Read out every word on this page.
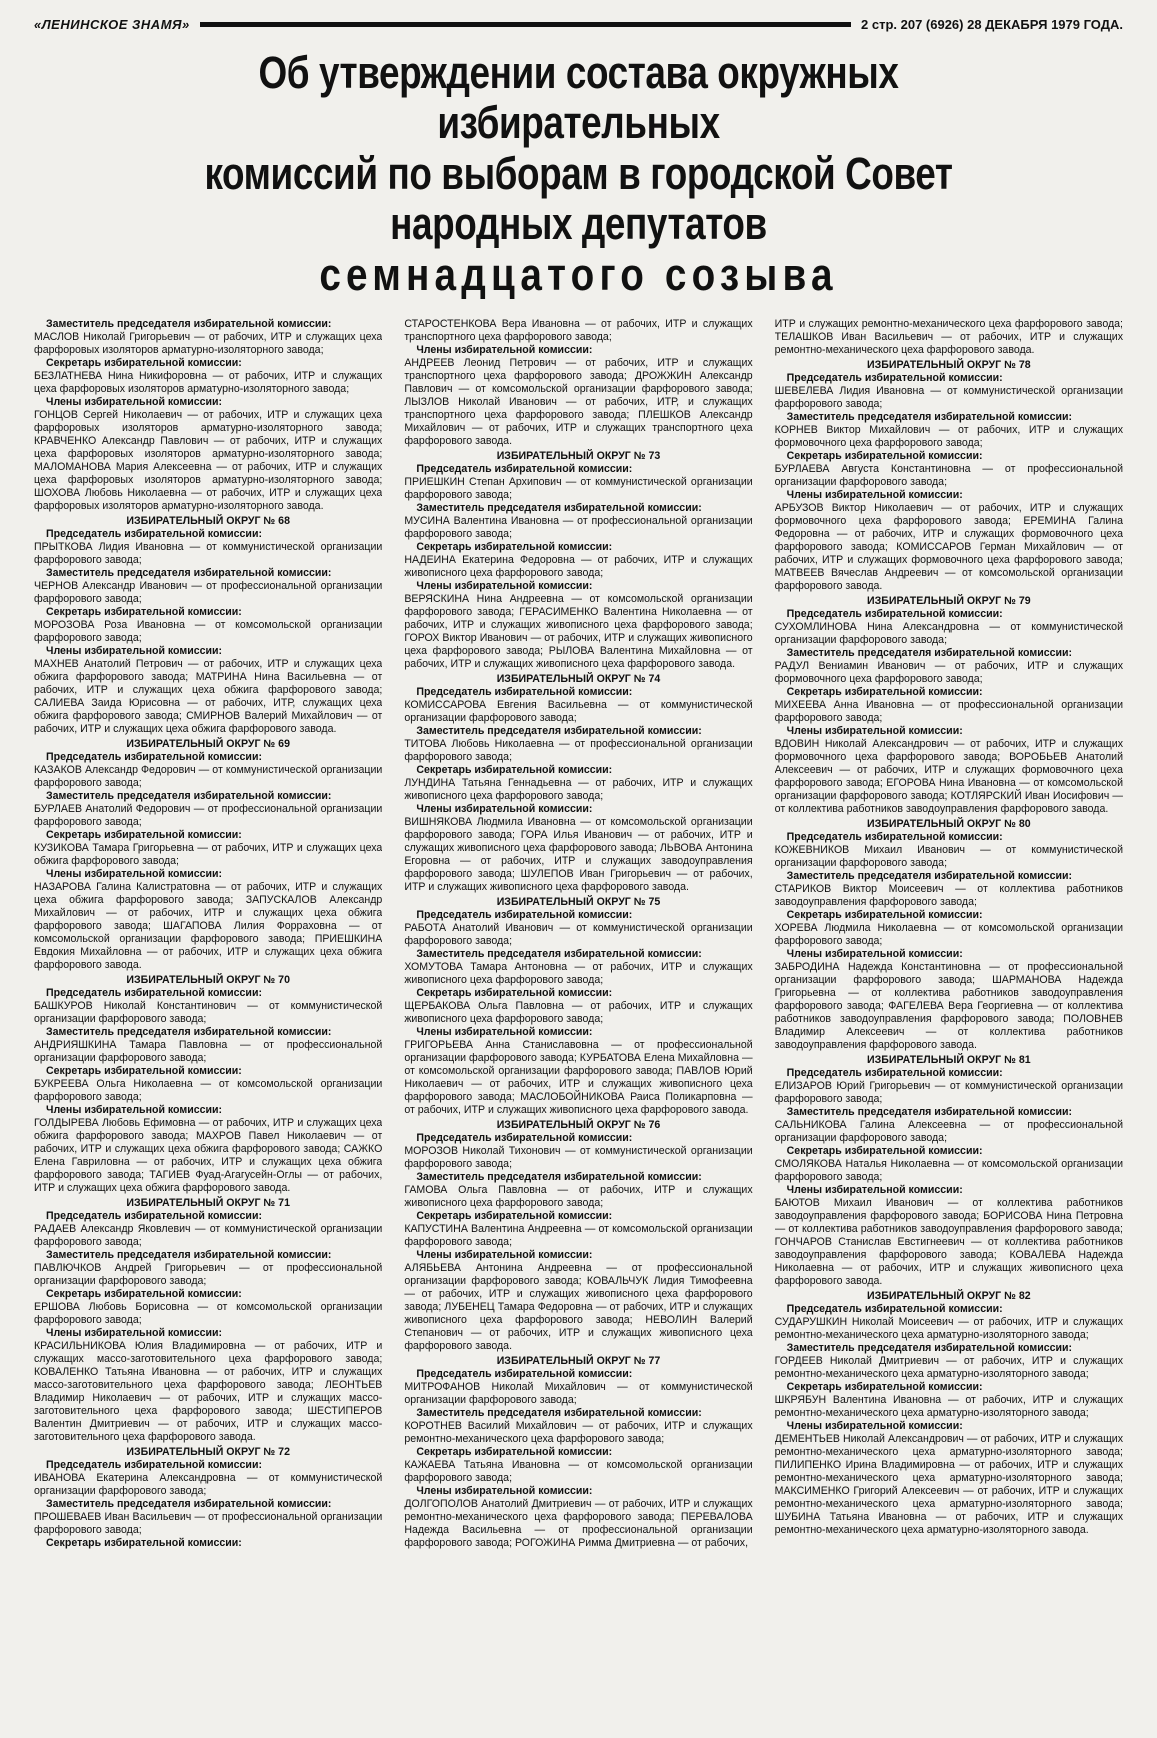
«ЛЕНИНСКОЕ ЗНАМЯ»	2 стр. 207 (6926) 28 ДЕКАБРЯ 1979 ГОДА.
Об утверждении состава окружных избирательных
комиссий по выборам в городской Совет народных депутатов
семнадцатого созыва

Заместитель председателя избирательной комиссии:

МАСЛОВ Николай Григорьевич — от рабочих, ИТР и служащих цеха фарфоровых изоляторов арматурно-изоляторного завода;

Секретарь избирательной комиссии:

БЕЗЛАТНЕВА Нина Никифоровна — от рабочих, ИТР и служащих цеха фарфоровых изоляторов арматурно-изоляторного завода;

Члены избирательной комиссии:

ГОНЦОВ Сергей Николаевич — от рабочих, ИТР и служащих цеха фарфоровых изоляторов арматурно-изоляторного завода; КРАВЧЕНКО Александр Павлович — от рабочих, ИТР и служащих цеха фарфоровых изоляторов арматурно-изоляторного завода; МАЛОМАНОВА Мария Алексеевна — от рабочих, ИТР и служащих цеха фарфоровых изоляторов арматурно-изоляторного завода; ШОХОВА Любовь Николаевна — от рабочих, ИТР и служащих цеха фарфоровых изоляторов арматурно-изоляторного завода.

ИЗБИРАТЕЛЬНЫЙ ОКРУГ № 68

Председатель избирательной комиссии:

ПРЫТКОВА Лидия Ивановна — от коммунистической организации фарфорового завода;

Заместитель председателя избирательной комиссии:

ЧЕРНОВ Александр Иванович — от профессиональной организации фарфорового завода;

Секретарь избирательной комиссии:

МОРОЗОВА Роза Ивановна — от комсомольской организации фарфорового завода;

Члены избирательной комиссии:

МАХНЕВ Анатолий Петрович — от рабочих, ИТР и служащих цеха обжига фарфорового завода; МАТРИНА Нина Васильевна — от рабочих, ИТР и служащих цеха обжига фарфорового завода; САЛИЕВА Заида Юрисовна — от рабочих, ИТР, служащих цеха обжига фарфорового завода; СМИРНОВ Валерий Михайлович — от рабочих, ИТР и служащих цеха обжига фарфорового завода.

ИЗБИРАТЕЛЬНЫЙ ОКРУГ № 69

Председатель избирательной комиссии:

КАЗАКОВ Александр Федорович — от коммунистической организации фарфорового завода;

Заместитель председателя избирательной комиссии:

БУРЛАЕВ Анатолий Федорович — от профессиональной организации фарфорового завода;

Секретарь избирательной комиссии:

КУЗИКОВА Тамара Григорьевна — от рабочих, ИТР и служащих цеха обжига фарфорового завода;

Члены избирательной комиссии:

НАЗАРОВА Галина Калистратовна — от рабочих, ИТР и служащих цеха обжига фарфорового завода; ЗАПУСКАЛОВ Александр Михайлович — от рабочих, ИТР и служащих цеха обжига фарфорового завода; ШАГАПОВА Лилия Форраховна — от комсомольской организации фарфорового завода; ПРИЕШКИНА Евдокия Михайловна — от рабочих, ИТР и служащих цеха обжига фарфорового завода.

ИЗБИРАТЕЛЬНЫЙ ОКРУГ № 70

Председатель избирательной комиссии:

БАШКУРОВ Николай Константинович — от коммунистической организации фарфорового завода;

Заместитель председателя избирательной комиссии:

АНДРИЯШКИНА Тамара Павловна — от профессиональной организации фарфорового завода;

Секретарь избирательной комиссии:

БУКРЕЕВА Ольга Николаевна — от комсомольской организации фарфорового завода;

Члены избирательной комиссии:

ГОЛДЫРЕВА Любовь Ефимовна — от рабочих, ИТР и служащих цеха обжига фарфорового завода; МАХРОВ Павел Николаевич — от рабочих, ИТР и служащих цеха обжига фарфорового завода; САЖКО Елена Гавриловна — от рабочих, ИТР и служащих цеха обжига фарфорового завода; ТАГИЕВ Фуад-Агагусейн-Оглы — от рабочих, ИТР и служащих цеха обжига фарфорового завода.

ИЗБИРАТЕЛЬНЫЙ ОКРУГ № 71

Председатель избирательной комиссии:

РАДАЕВ Александр Яковлевич — от коммунистической организации фарфорового завода;

Заместитель председателя избирательной комиссии:

ПАВЛЮЧКОВ Андрей Григорьевич — от профессиональной организации фарфорового завода;

Секретарь избирательной комиссии:

ЕРШОВА Любовь Борисовна — от комсомольской организации фарфорового завода;

Члены избирательной комиссии:

КРАСИЛЬНИКОВА Юлия Владимировна — от рабочих, ИТР и служащих массо-заготовительного цеха фарфорового завода; КОВАЛЕНКО Татьяна Ивановна — от рабочих, ИТР и служащих массо-заготовительного цеха фарфорового завода; ЛЕОНТЬЕВ Владимир Николаевич — от рабочих, ИТР и служащих массо-заготовительного цеха фарфорового завода; ШЕСТИПЕРОВ Валентин Дмитриевич — от рабочих, ИТР и служащих массо-заготовительного цеха фарфорового завода.

ИЗБИРАТЕЛЬНЫЙ ОКРУГ № 72

Председатель избирательной комиссии:

ИВАНОВА Екатерина Александровна — от коммунистической организации фарфорового завода;

Заместитель председателя избирательной комиссии:

ПРОШЕВАЕВ Иван Васильевич — от профессиональной организации фарфорового завода;

Секретарь избирательной комиссии:

СТАРОСТЕНКОВА Вера Ивановна — от рабочих, ИТР и служащих транспортного цеха фарфорового завода;

Члены избирательной комиссии:

АНДРЕЕВ Леонид Петрович — от рабочих, ИТР и служащих транспортного цеха фарфорового завода; ДРОЖЖИН Александр Павлович — от комсомольской организации фарфорового завода; ЛЫЗЛОВ Николай Иванович — от рабочих, ИТР, и служащих транспортного цеха фарфорового завода; ПЛЕШКОВ Александр Михайлович — от рабочих, ИТР и служащих транспортного цеха фарфорового завода.

ИЗБИРАТЕЛЬНЫЙ ОКРУГ № 73

Председатель избирательной комиссии:

ПРИЕШКИН Степан Архипович — от коммунистической организации фарфорового завода;

Заместитель председателя избирательной комиссии:

МУСИНА Валентина Ивановна — от профессиональной организации фарфорового завода;

Секретарь избирательной комиссии:

НАДЕИНА Екатерина Федоровна — от рабочих, ИТР и служащих живописного цеха фарфорового завода;

Члены избирательной комиссии:

ВЕРЯСКИНА Нина Андреевна — от комсомольской организации фарфорового завода; ГЕРАСИМЕНКО Валентина Николаевна — от рабочих, ИТР и служащих живописного цеха фарфорового завода; ГОРОХ Виктор Иванович — от рабочих, ИТР и служащих живописного цеха фарфорового завода; РЫЛОВА Валентина Михайловна — от рабочих, ИТР и служащих живописного цеха фарфорового завода.

ИЗБИРАТЕЛЬНЫЙ ОКРУГ № 74

Председатель избирательной комиссии:

КОМИССАРОВА Евгения Васильевна — от коммунистической организации фарфорового завода;

Заместитель председателя избирательной комиссии:

ТИТОВА Любовь Николаевна — от профессиональной организации фарфорового завода;

Секретарь избирательной комиссии:

ЛУНДИНА Татьяна Геннадьевна — от рабочих, ИТР и служащих живописного цеха фарфорового завода;

Члены избирательной комиссии:

ВИШНЯКОВА Людмила Ивановна — от комсомольской организации фарфорового завода; ГОРА Илья Иванович — от рабочих, ИТР и служащих живописного цеха фарфорового завода; ЛЬВОВА Антонина Егоровна — от рабочих, ИТР и служащих заводоуправления фарфорового завода; ШУЛЕПОВ Иван Григорьевич — от рабочих, ИТР и служащих живописного цеха фарфорового завода.

ИЗБИРАТЕЛЬНЫЙ ОКРУГ № 75

Председатель избирательной комиссии:

РАБОТА Анатолий Иванович — от коммунистической организации фарфорового завода;

Заместитель председателя избирательной комиссии:

ХОМУТОВА Тамара Антоновна — от рабочих, ИТР и служащих живописного цеха фарфорового завода;

Секретарь избирательной комиссии:

ЩЕРБАКОВА Ольга Павловна — от рабочих, ИТР и служащих живописного цеха фарфорового завода;

Члены избирательной комиссии:

ГРИГОРЬЕВА Анна Станиславовна — от профессиональной организации фарфорового завода; КУРБАТОВА Елена Михайловна — от комсомольской организации фарфорового завода; ПАВЛОВ Юрий Николаевич — от рабочих, ИТР и служащих живописного цеха фарфорового завода; МАСЛОБОЙНИКОВА Раиса Поликарповна — от рабочих, ИТР и служащих живописного цеха фарфорового завода.

ИЗБИРАТЕЛЬНЫЙ ОКРУГ № 76

Председатель избирательной комиссии:

МОРОЗОВ Николай Тихонович — от коммунистической организации фарфорового завода;

Заместитель председателя избирательной комиссии:

ГАМОВА Ольга Павловна — от рабочих, ИТР и служащих живописного цеха фарфорового завода;

Секретарь избирательной комиссии:

КАПУСТИНА Валентина Андреевна — от комсомольской организации фарфорового завода;

Члены избирательной комиссии:

АЛЯБЬЕВА Антонина Андреевна — от профессиональной организации фарфорового завода; КОВАЛЬЧУК Лидия Тимофеевна — от рабочих, ИТР и служащих живописного цеха фарфорового завода; ЛУБЕНЕЦ Тамара Федоровна — от рабочих, ИТР и служащих живописного цеха фарфорового завода; НЕВОЛИН Валерий Степанович — от рабочих, ИТР и служащих живописного цеха фарфорового завода.

ИЗБИРАТЕЛЬНЫЙ ОКРУГ № 77

Председатель избирательной комиссии:

МИТРОФАНОВ Николай Михайлович — от коммунистической организации фарфорового завода;

Заместитель председателя избирательной комиссии:

КОРОТНЕВ Василий Михайлович — от рабочих, ИТР и служащих ремонтно-механического цеха фарфорового завода;

Секретарь избирательной комиссии:

КАЖАЕВА Татьяна Ивановна — от комсомольской организации фарфорового завода;

Члены избирательной комиссии:

ДОЛГОПОЛОВ Анатолий Дмитриевич — от рабочих, ИТР и служащих ремонтно-механического цеха фарфорового завода; ПЕРЕВАЛОВА Надежда Васильевна — от профессиональной организации фарфорового завода; РОГОЖИНА Римма Дмитриевна — от рабочих,

ИТР и служащих ремонтно-механического цеха фарфорового завода; ТЕЛАШКОВ Иван Васильевич — от рабочих, ИТР и служащих ремонтно-механического цеха фарфорового завода.

ИЗБИРАТЕЛЬНЫЙ ОКРУГ № 78

Председатель избирательной комиссии:

ШЕВЕЛЕВА Лидия Ивановна — от коммунистической организации фарфорового завода;

Заместитель председателя избирательной комиссии:

КОРНЕВ Виктор Михайлович — от рабочих, ИТР и служащих формовочного цеха фарфорового завода;

Секретарь избирательной комиссии:

БУРЛАЕВА Августа Константиновна — от профессиональной организации фарфорового завода;

Члены избирательной комиссии:

АРБУЗОВ Виктор Николаевич — от рабочих, ИТР и служащих формовочного цеха фарфорового завода; ЕРЕМИНА Галина Федоровна — от рабочих, ИТР и служащих формовочного цеха фарфорового завода; КОМИССАРОВ Герман Михайлович — от рабочих, ИТР и служащих формовочного цеха фарфорового завода; МАТВЕЕВ Вячеслав Андреевич — от комсомольской организации фарфорового завода.

ИЗБИРАТЕЛЬНЫЙ ОКРУГ № 79

Председатель избирательной комиссии:

СУХОМЛИНОВА Нина Александровна — от коммунистической организации фарфорового завода;

Заместитель председателя избирательной комиссии:

РАДУЛ Вениамин Иванович — от рабочих, ИТР и служащих формовочного цеха фарфорового завода;

Секретарь избирательной комиссии:

МИХЕЕВА Анна Ивановна — от профессиональной организации фарфорового завода;

Члены избирательной комиссии:

ВДОВИН Николай Александрович — от рабочих, ИТР и служащих формовочного цеха фарфорового завода; ВОРОБЬЕВ Анатолий Алексеевич — от рабочих, ИТР и служащих формовочного цеха фарфорового завода; ЕГОРОВА Нина Ивановна — от комсомольской организации фарфорового завода; КОТЛЯРСКИЙ Иван Иосифович — от коллектива работников заводоуправления фарфорового завода.

ИЗБИРАТЕЛЬНЫЙ ОКРУГ № 80

Председатель избирательной комиссии:

КОЖЕВНИКОВ Михаил Иванович — от коммунистической организации фарфорового завода;

Заместитель председателя избирательной комиссии:

СТАРИКОВ Виктор Моисеевич — от коллектива работников заводоуправления фарфорового завода;

Секретарь избирательной комиссии:

ХОРЕВА Людмила Николаевна — от комсомольской организации фарфорового завода;

Члены избирательной комиссии:

ЗАБРОДИНА Надежда Константиновна — от профессиональной организации фарфорового завода; ШАРМАНОВА Надежда Григорьевна — от коллектива работников заводоуправления фарфорового завода; ФАГЕЛЕВА Вера Георгиевна — от коллектива работников заводоуправления фарфорового завода; ПОЛОВНЕВ Владимир Алексеевич — от коллектива работников заводоуправления фарфорового завода.

ИЗБИРАТЕЛЬНЫЙ ОКРУГ № 81

Председатель избирательной комиссии:

ЕЛИЗАРОВ Юрий Григорьевич — от коммунистической организации фарфорового завода;

Заместитель председателя избирательной комиссии:

САЛЬНИКОВА Галина Алексеевна — от профессиональной организации фарфорового завода;

Секретарь избирательной комиссии:

СМОЛЯКОВА Наталья Николаевна — от комсомольской организации фарфорового завода;

Члены избирательной комиссии:

БАЮТОВ Михаил Иванович — от коллектива работников заводоуправления фарфорового завода; БОРИСОВА Нина Петровна — от коллектива работников заводоуправления фарфорового завода; ГОНЧАРОВ Станислав Евстигнеевич — от коллектива работников заводоуправления фарфорового завода; КОВАЛЕВА Надежда Николаевна — от рабочих, ИТР и служащих живописного цеха фарфорового завода.

ИЗБИРАТЕЛЬНЫЙ ОКРУГ № 82

Председатель избирательной комиссии:

СУДАРУШКИН Николай Моисеевич — от рабочих, ИТР и служащих ремонтно-механического цеха арматурно-изоляторного завода;

Заместитель председателя избирательной комиссии:

ГОРДЕЕВ Николай Дмитриевич — от рабочих, ИТР и служащих ремонтно-механического цеха арматурно-изоляторного завода;

Секретарь избирательной комиссии:

ШКРЯБУН Валентина Ивановна — от рабочих, ИТР и служащих ремонтно-механического цеха арматурно-изоляторного завода;

Члены избирательной комиссии:

ДЕМЕНТЬЕВ Николай Александрович — от рабочих, ИТР и служащих ремонтно-механического цеха арматурно-изоляторного завода; ПИЛИПЕНКО Ирина Владимировна — от рабочих, ИТР и служащих ремонтно-механического цеха арматурно-изоляторного завода; МАКСИМЕНКО Григорий Алексеевич — от рабочих, ИТР и служащих ремонтно-механического цеха арматурно-изоляторного завода; ШУБИНА Татьяна Ивановна — от рабочих, ИТР и служащих ремонтно-механического цеха арматурно-изоляторного завода.
